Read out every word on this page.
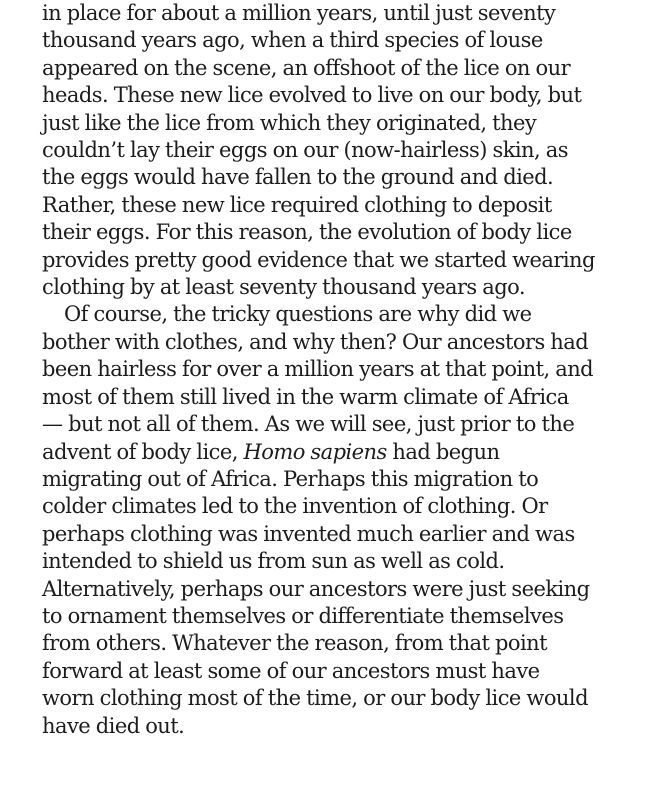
in place for about a million years, until just seventy
thousand years ago, when a third species of louse
appeared on the scene, an offshoot of the lice on our
heads. These new lice evolved to live on our body, but
just like the lice from which they originated, they
couldn’t lay their eggs on our (now-hairless) skin, as
the eggs would have fallen to the ground and died.
Rather, these new lice required clothing to deposit
their eggs. For this reason, the evolution of body lice
provides pretty good evidence that we started wearing
clothing by at least seventy thousand years ago.
Of course, the tricky questions are why did we
bother with clothes, and why then? Our ancestors had
been hairless for over a million years at that point, and
most of them still lived in the warm climate of Africa
— but not all of them. As we will see, just prior to the
advent of body lice, Homo sapiens had begun
migrating out of Africa. Perhaps this migration to
colder climates led to the invention of clothing. Or
perhaps clothing was invented much earlier and was
intended to shield us from sun as well as cold.
Alternatively, perhaps our ancestors were just seeking
to ornament themselves or differentiate themselves
from others. Whatever the reason, from that point
forward at least some of our ancestors must have
worn clothing most of the time, or our body lice would
have died out.
